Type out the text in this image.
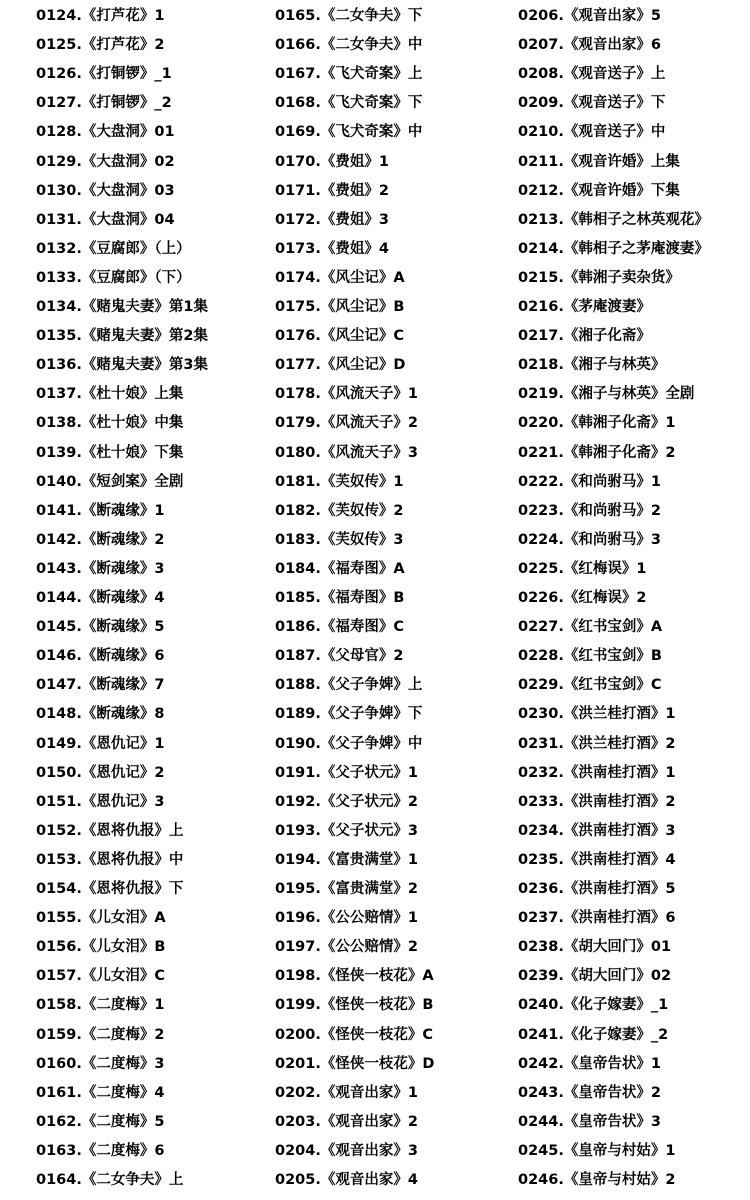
0124.《打芦花》1
0125.《打芦花》2
0126.《打铜锣》_1
0127.《打铜锣》_2
0128.《大盘洞》01
0129.《大盘洞》02
0130.《大盘洞》03
0131.《大盘洞》04
0132.《豆腐郎》（上）
0133.《豆腐郎》（下）
0134.《赌鬼夫妻》第1集
0135.《赌鬼夫妻》第2集
0136.《赌鬼夫妻》第3集
0137.《杜十娘》上集
0138.《杜十娘》中集
0139.《杜十娘》下集
0140.《短剑案》全剧
0141.《断魂缘》1
0142.《断魂缘》2
0143.《断魂缘》3
0144.《断魂缘》4
0145.《断魂缘》5
0146.《断魂缘》6
0147.《断魂缘》7
0148.《断魂缘》8
0149.《恩仇记》1
0150.《恩仇记》2
0151.《恩仇记》3
0152.《恩将仇报》上
0153.《恩将仇报》中
0154.《恩将仇报》下
0155.《儿女泪》A
0156.《儿女泪》B
0157.《儿女泪》C
0158.《二度梅》1
0159.《二度梅》2
0160.《二度梅》3
0161.《二度梅》4
0162.《二度梅》5
0163.《二度梅》6
0164.《二女争夫》上
0165.《二女争夫》下
0166.《二女争夫》中
0167.《飞犬奇案》上
0168.《飞犬奇案》下
0169.《飞犬奇案》中
0170.《费姐》1
0171.《费姐》2
0172.《费姐》3
0173.《费姐》4
0174.《风尘记》A
0175.《风尘记》B
0176.《风尘记》C
0177.《风尘记》D
0178.《风流天子》1
0179.《风流天子》2
0180.《风流天子》3
0181.《芙奴传》1
0182.《芙奴传》2
0183.《芙奴传》3
0184.《福寿图》A
0185.《福寿图》B
0186.《福寿图》C
0187.《父母官》2
0188.《父子争婢》上
0189.《父子争婢》下
0190.《父子争婢》中
0191.《父子状元》1
0192.《父子状元》2
0193.《父子状元》3
0194.《富贵满堂》1
0195.《富贵满堂》2
0196.《公公赔情》1
0197.《公公赔情》2
0198.《怪侠一枝花》A
0199.《怪侠一枝花》B
0200.《怪侠一枝花》C
0201.《怪侠一枝花》D
0202.《观音出家》1
0203.《观音出家》2
0204.《观音出家》3
0205.《观音出家》4
0206.《观音出家》5
0207.《观音出家》6
0208.《观音送子》上
0209.《观音送子》下
0210.《观音送子》中
0211.《观音许婚》上集
0212.《观音许婚》下集
0213.《韩相子之林英观花》
0214.《韩相子之茅庵渡妻》
0215.《韩湘子卖杂货》
0216.《茅庵渡妻》
0217.《湘子化斋》
0218.《湘子与林英》
0219.《湘子与林英》全剧
0220.《韩湘子化斋》1
0221.《韩湘子化斋》2
0222.《和尚驸马》1
0223.《和尚驸马》2
0224.《和尚驸马》3
0225.《红梅误》1
0226.《红梅误》2
0227.《红书宝剑》A
0228.《红书宝剑》B
0229.《红书宝剑》C
0230.《洪兰桂打酒》1
0231.《洪兰桂打酒》2
0232.《洪南桂打酒》1
0233.《洪南桂打酒》2
0234.《洪南桂打酒》3
0235.《洪南桂打酒》4
0236.《洪南桂打酒》5
0237.《洪南桂打酒》6
0238.《胡大回门》01
0239.《胡大回门》02
0240.《化子嫁妻》_1
0241.《化子嫁妻》_2
0242.《皇帝告状》1
0243.《皇帝告状》2
0244.《皇帝告状》3
0245.《皇帝与村姑》1
0246.《皇帝与村姑》2
